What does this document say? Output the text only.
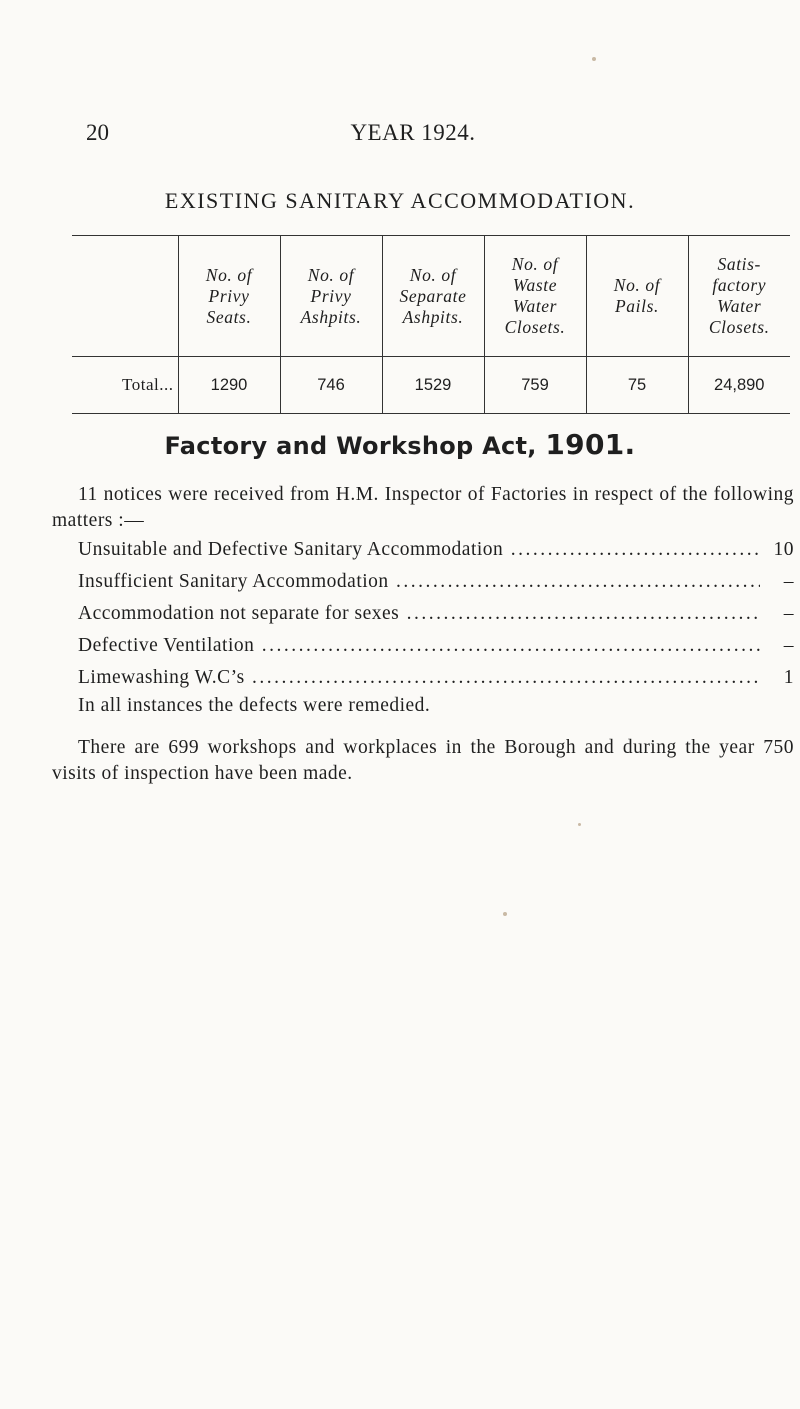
20	YEAR 1924.
EXISTING SANITARY ACCOMMODATION.
	No. of
Privy
Seats.	No. of
Privy
Ashpits.	No. of
Separate
Ashpits.	No. of
Waste
Water
Closets.	No. of
Pails.	Satis-
factory
Water
Closets.
Total...	1290	746	1529	759	75	24,890
Factory and Workshop Act, 1901.

11 notices were received from H.M. Inspector of Factories in respect of the following matters :—

Unsuitable and Defective Sanitary Accommodation .....	10
Insufficient Sanitary Accommodation .....	–
Accommodation not separate for sexes .....	–
Defective Ventilation .....	–
Limewashing W.C’s .....	1

In all instances the defects were remedied.

There are 699 workshops and workplaces in the Borough and during the year 750 visits of inspection have been made.
